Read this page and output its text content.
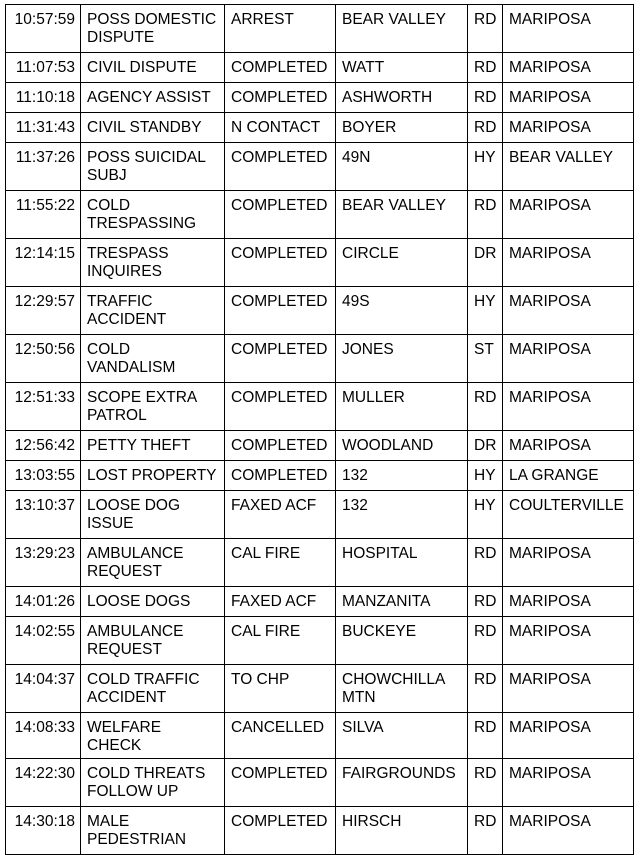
10:57:59	POSS DOMESTIC DISPUTE	ARREST	BEAR VALLEY	RD	MARIPOSA
11:07:53	CIVIL DISPUTE	COMPLETED	WATT	RD	MARIPOSA
11:10:18	AGENCY ASSIST	COMPLETED	ASHWORTH	RD	MARIPOSA
11:31:43	CIVIL STANDBY	N CONTACT	BOYER	RD	MARIPOSA
11:37:26	POSS SUICIDAL SUBJ	COMPLETED	49N	HY	BEAR VALLEY
11:55:22	COLD TRESPASSING	COMPLETED	BEAR VALLEY	RD	MARIPOSA
12:14:15	TRESPASS INQUIRES	COMPLETED	CIRCLE	DR	MARIPOSA
12:29:57	TRAFFIC ACCIDENT	COMPLETED	49S	HY	MARIPOSA
12:50:56	COLD VANDALISM	COMPLETED	JONES	ST	MARIPOSA
12:51:33	SCOPE EXTRA PATROL	COMPLETED	MULLER	RD	MARIPOSA
12:56:42	PETTY THEFT	COMPLETED	WOODLAND	DR	MARIPOSA
13:03:55	LOST PROPERTY	COMPLETED	132	HY	LA GRANGE
13:10:37	LOOSE DOG ISSUE	FAXED ACF	132	HY	COULTERVILLE
13:29:23	AMBULANCE REQUEST	CAL FIRE	HOSPITAL	RD	MARIPOSA
14:01:26	LOOSE DOGS	FAXED ACF	MANZANITA	RD	MARIPOSA
14:02:55	AMBULANCE REQUEST	CAL FIRE	BUCKEYE	RD	MARIPOSA
14:04:37	COLD TRAFFIC ACCIDENT	TO CHP	CHOWCHILLA MTN	RD	MARIPOSA
14:08:33	WELFARE CHECK	CANCELLED	SILVA	RD	MARIPOSA
14:22:30	COLD THREATS FOLLOW UP	COMPLETED	FAIRGROUNDS	RD	MARIPOSA
14:30:18	MALE PEDESTRIAN	COMPLETED	HIRSCH	RD	MARIPOSA
